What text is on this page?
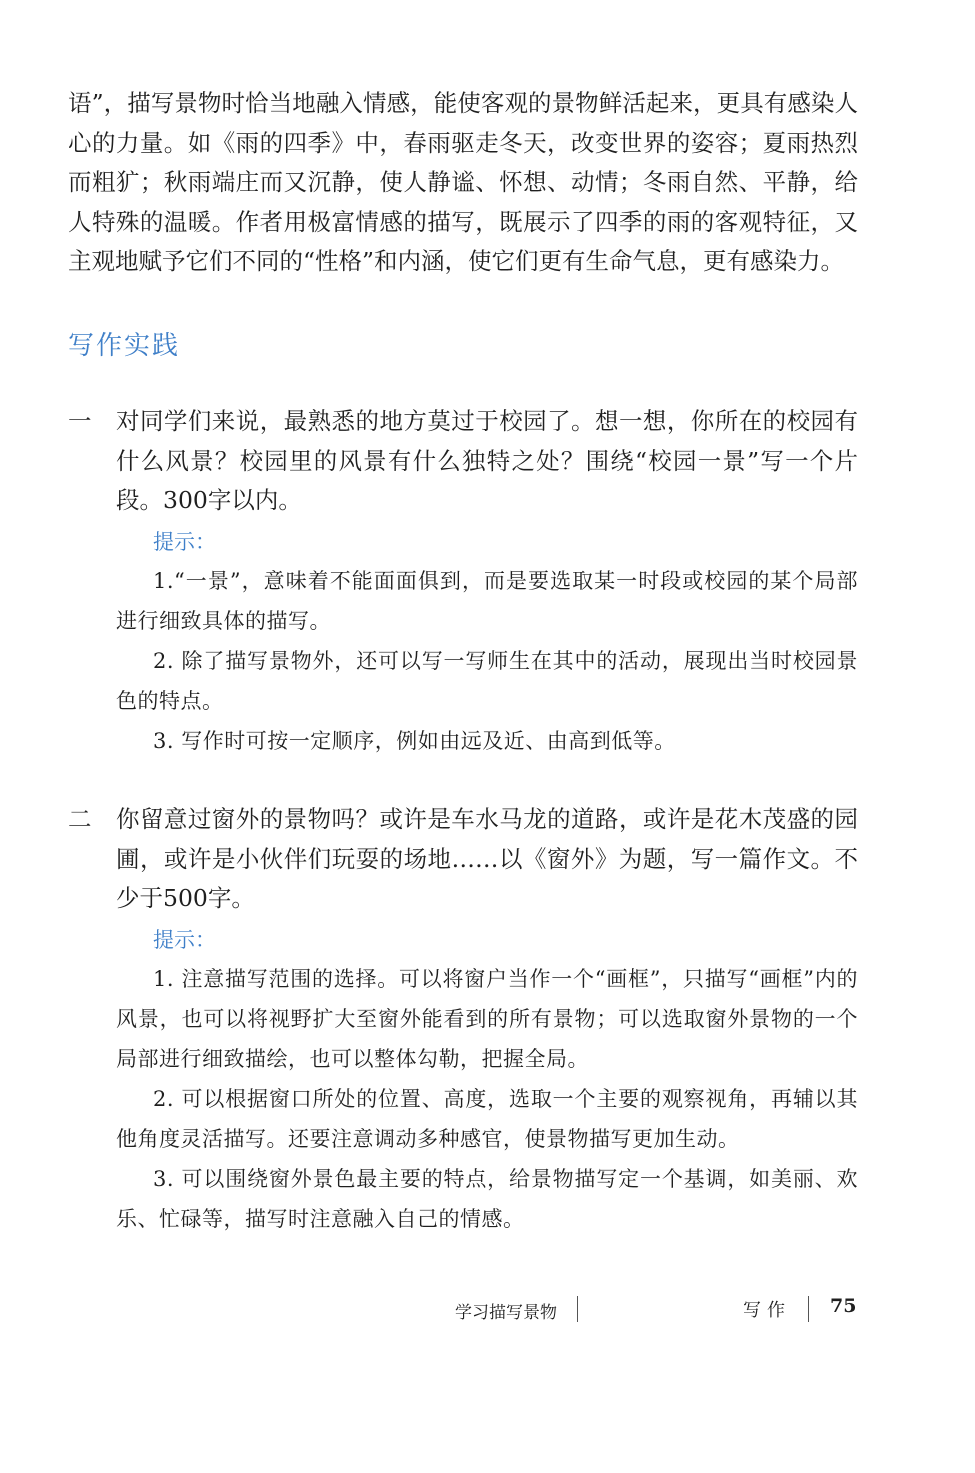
语”，描写景物时恰当地融入情感，能使客观的景物鲜活起来，更具有感染人心的力量。如《雨的四季》中，春雨驱走冬天，改变世界的姿容；夏雨热烈而粗犷；秋雨端庄而又沉静，使人静谧、怀想、动情；冬雨自然、平静，给人特殊的温暖。作者用极富情感的描写，既展示了四季的雨的客观特征，又主观地赋予它们不同的“性格”和内涵，使它们更有生命气息，更有感染力。

写作实践
一 对同学们来说，最熟悉的地方莫过于校园了。想一想，你所在的校园有什么风景？校园里的风景有什么独特之处？围绕“校园一景”写一个片段。300字以内。
提示：
1.“一景”，意味着不能面面俱到，而是要选取某一时段或校园的某个局部进行细致具体的描写。
2. 除了描写景物外，还可以写一写师生在其中的活动，展现出当时校园景色的特点。
3. 写作时可按一定顺序，例如由远及近、由高到低等。
二 你留意过窗外的景物吗？或许是车水马龙的道路，或许是花木茂盛的园圃，或许是小伙伴们玩耍的场地……以《窗外》为题，写一篇作文。不少于500字。
提示：
1. 注意描写范围的选择。可以将窗户当作一个“画框”，只描写“画框”内的风景，也可以将视野扩大至窗外能看到的所有景物；可以选取窗外景物的一个局部进行细致描绘，也可以整体勾勒，把握全局。
2. 可以根据窗口所处的位置、高度，选取一个主要的观察视角，再辅以其他角度灵活描写。还要注意调动多种感官，使景物描写更加生动。
3. 可以围绕窗外景色最主要的特点，给景物描写定一个基调，如美丽、欢乐、忙碌等，描写时注意融入自己的情感。
学习描写景物	写作 75
